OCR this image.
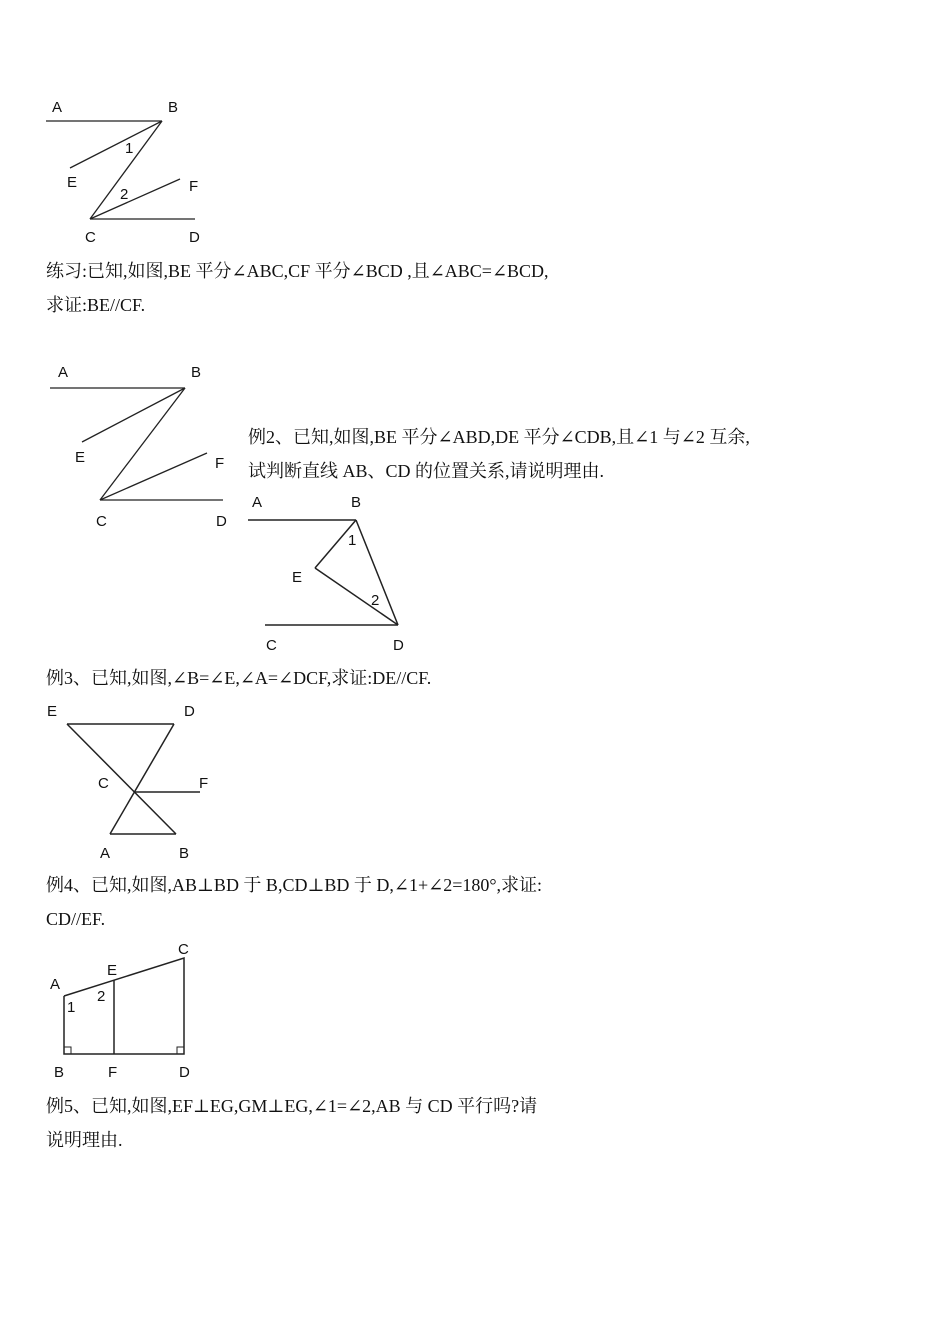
A	B
1
E
2	F
C	D
练习:已知,如图,BE 平分∠ABC,CF 平分∠BCD ,且∠ABC=∠BCD,
求证:BE//CF.
A	B
E	F
C	D
例2、已知,如图,BE 平分∠ABD,DE 平分∠CDB,且∠1 与∠2 互余,
试判断直线 AB、CD 的位置关系,请说明理由.
A	B
1
E
2
C	D
例3、已知,如图,∠B=∠E,∠A=∠DCF,求证:DE//CF.
E	D
C	F
A	B
例4、已知,如图,AB⊥BD 于 B,CD⊥BD 于 D,∠1+∠2=180°,求证:
CD//EF.
C
E
A
2
1
B	F	D
例5、已知,如图,EF⊥EG,GM⊥EG,∠1=∠2,AB 与 CD 平行吗?请
说明理由.
